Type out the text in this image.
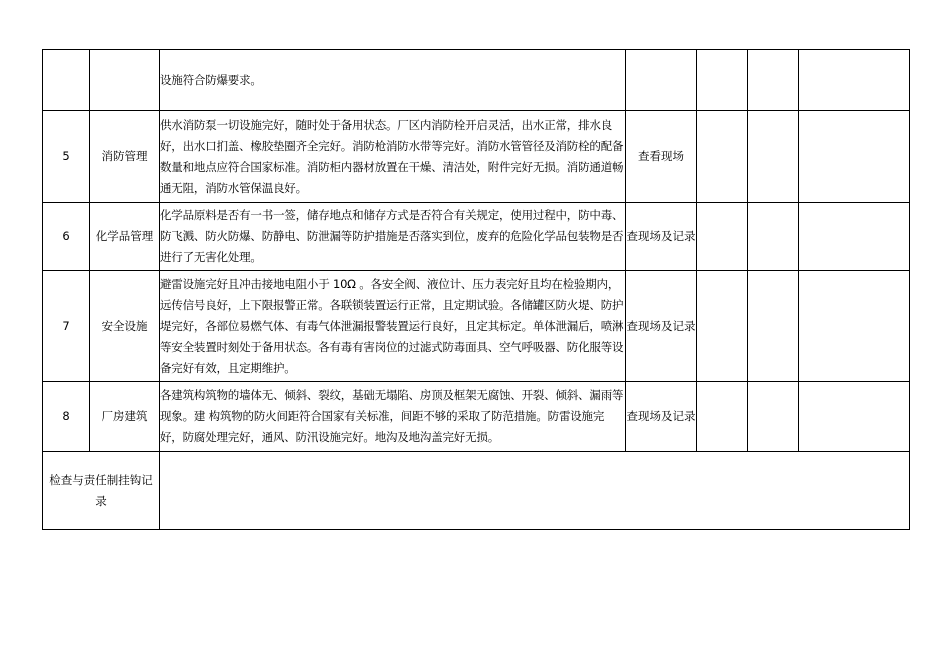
		设施符合防爆要求。				
5	消防管理	供水消防泵一切设施完好，随时处于备用状态。厂区内消防栓开启灵活，出水正常，排水良好，出水口扪盖、橡胶垫圈齐全完好。消防枪消防水带等完好。消防水管管径及消防栓的配备数量和地点应符合国家标准。消防柜内器材放置在干燥、清洁处，附件完好无损。消防通道畅通无阻，消防水管保温良好。	查看现场			
6	化学品管理	化学品原料是否有一书一签，储存地点和储存方式是否符合有关规定，使用过程中，防中毒、防飞溅、防火防爆、防静电、防泄漏等防护措施是否落实到位，废弃的危险化学品包装物是否进行了无害化处理。	查现场及记录			
7	安全设施	避雷设施完好且冲击接地电阻小于 10Ω 。各安全阀、液位计、压力表完好且均在检验期内，远传信号良好，上下限报警正常。各联锁装置运行正常，且定期试验。各储罐区防火堤、防护堤完好，各部位易燃气体、有毒气体泄漏报警装置运行良好，且定其标定。单体泄漏后，喷淋等安全装置时刻处于备用状态。各有毒有害岗位的过滤式防毒面具、空气呼吸器、防化服等设备完好有效，且定期维护。	查现场及记录			
8	厂房建筑	各建筑构筑物的墙体无、倾斜、裂纹，基础无塌陷、房顶及框架无腐蚀、开裂、倾斜、漏雨等现象。建 构筑物的防火间距符合国家有关标准，间距不够的采取了防范措施。防雷设施完好，防腐处理完好，通风、防汛设施完好。地沟及地沟盖完好无损。	查现场及记录			
检查与责任制挂钩记 录						
